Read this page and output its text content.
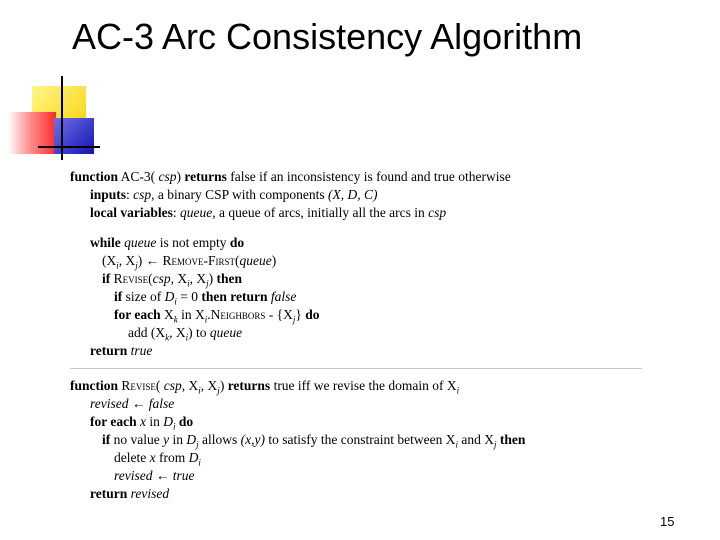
AC-3 Arc Consistency Algorithm
function AC-3( csp) returns false if an inconsistency is found and true otherwise
inputs: csp, a binary CSP with components (X, D, C)
local variables: queue, a queue of arcs, initially all the arcs in csp
while queue is not empty do
($X_i$, $X_j$) ← Remove-First(queue)
if Revise(csp, $X_i$, $X_j$) then
if size of $D_i = 0$ then return false
for each $X_k$ in $X_i.Neighbors - \{X_j\}$ do
add ($X_k$, $X_i$) to queue
return true
function Revise( csp, $X_i$, $X_j$) returns true iff we revise the domain of $X_i$
revised ← false
for each x in $D_i$ do
if no value y in $D_j$ allows (x,y) to satisfy the constraint between $X_i$ and $X_j$ then
delete x from $D_i$
revised ← true
return revised
15
